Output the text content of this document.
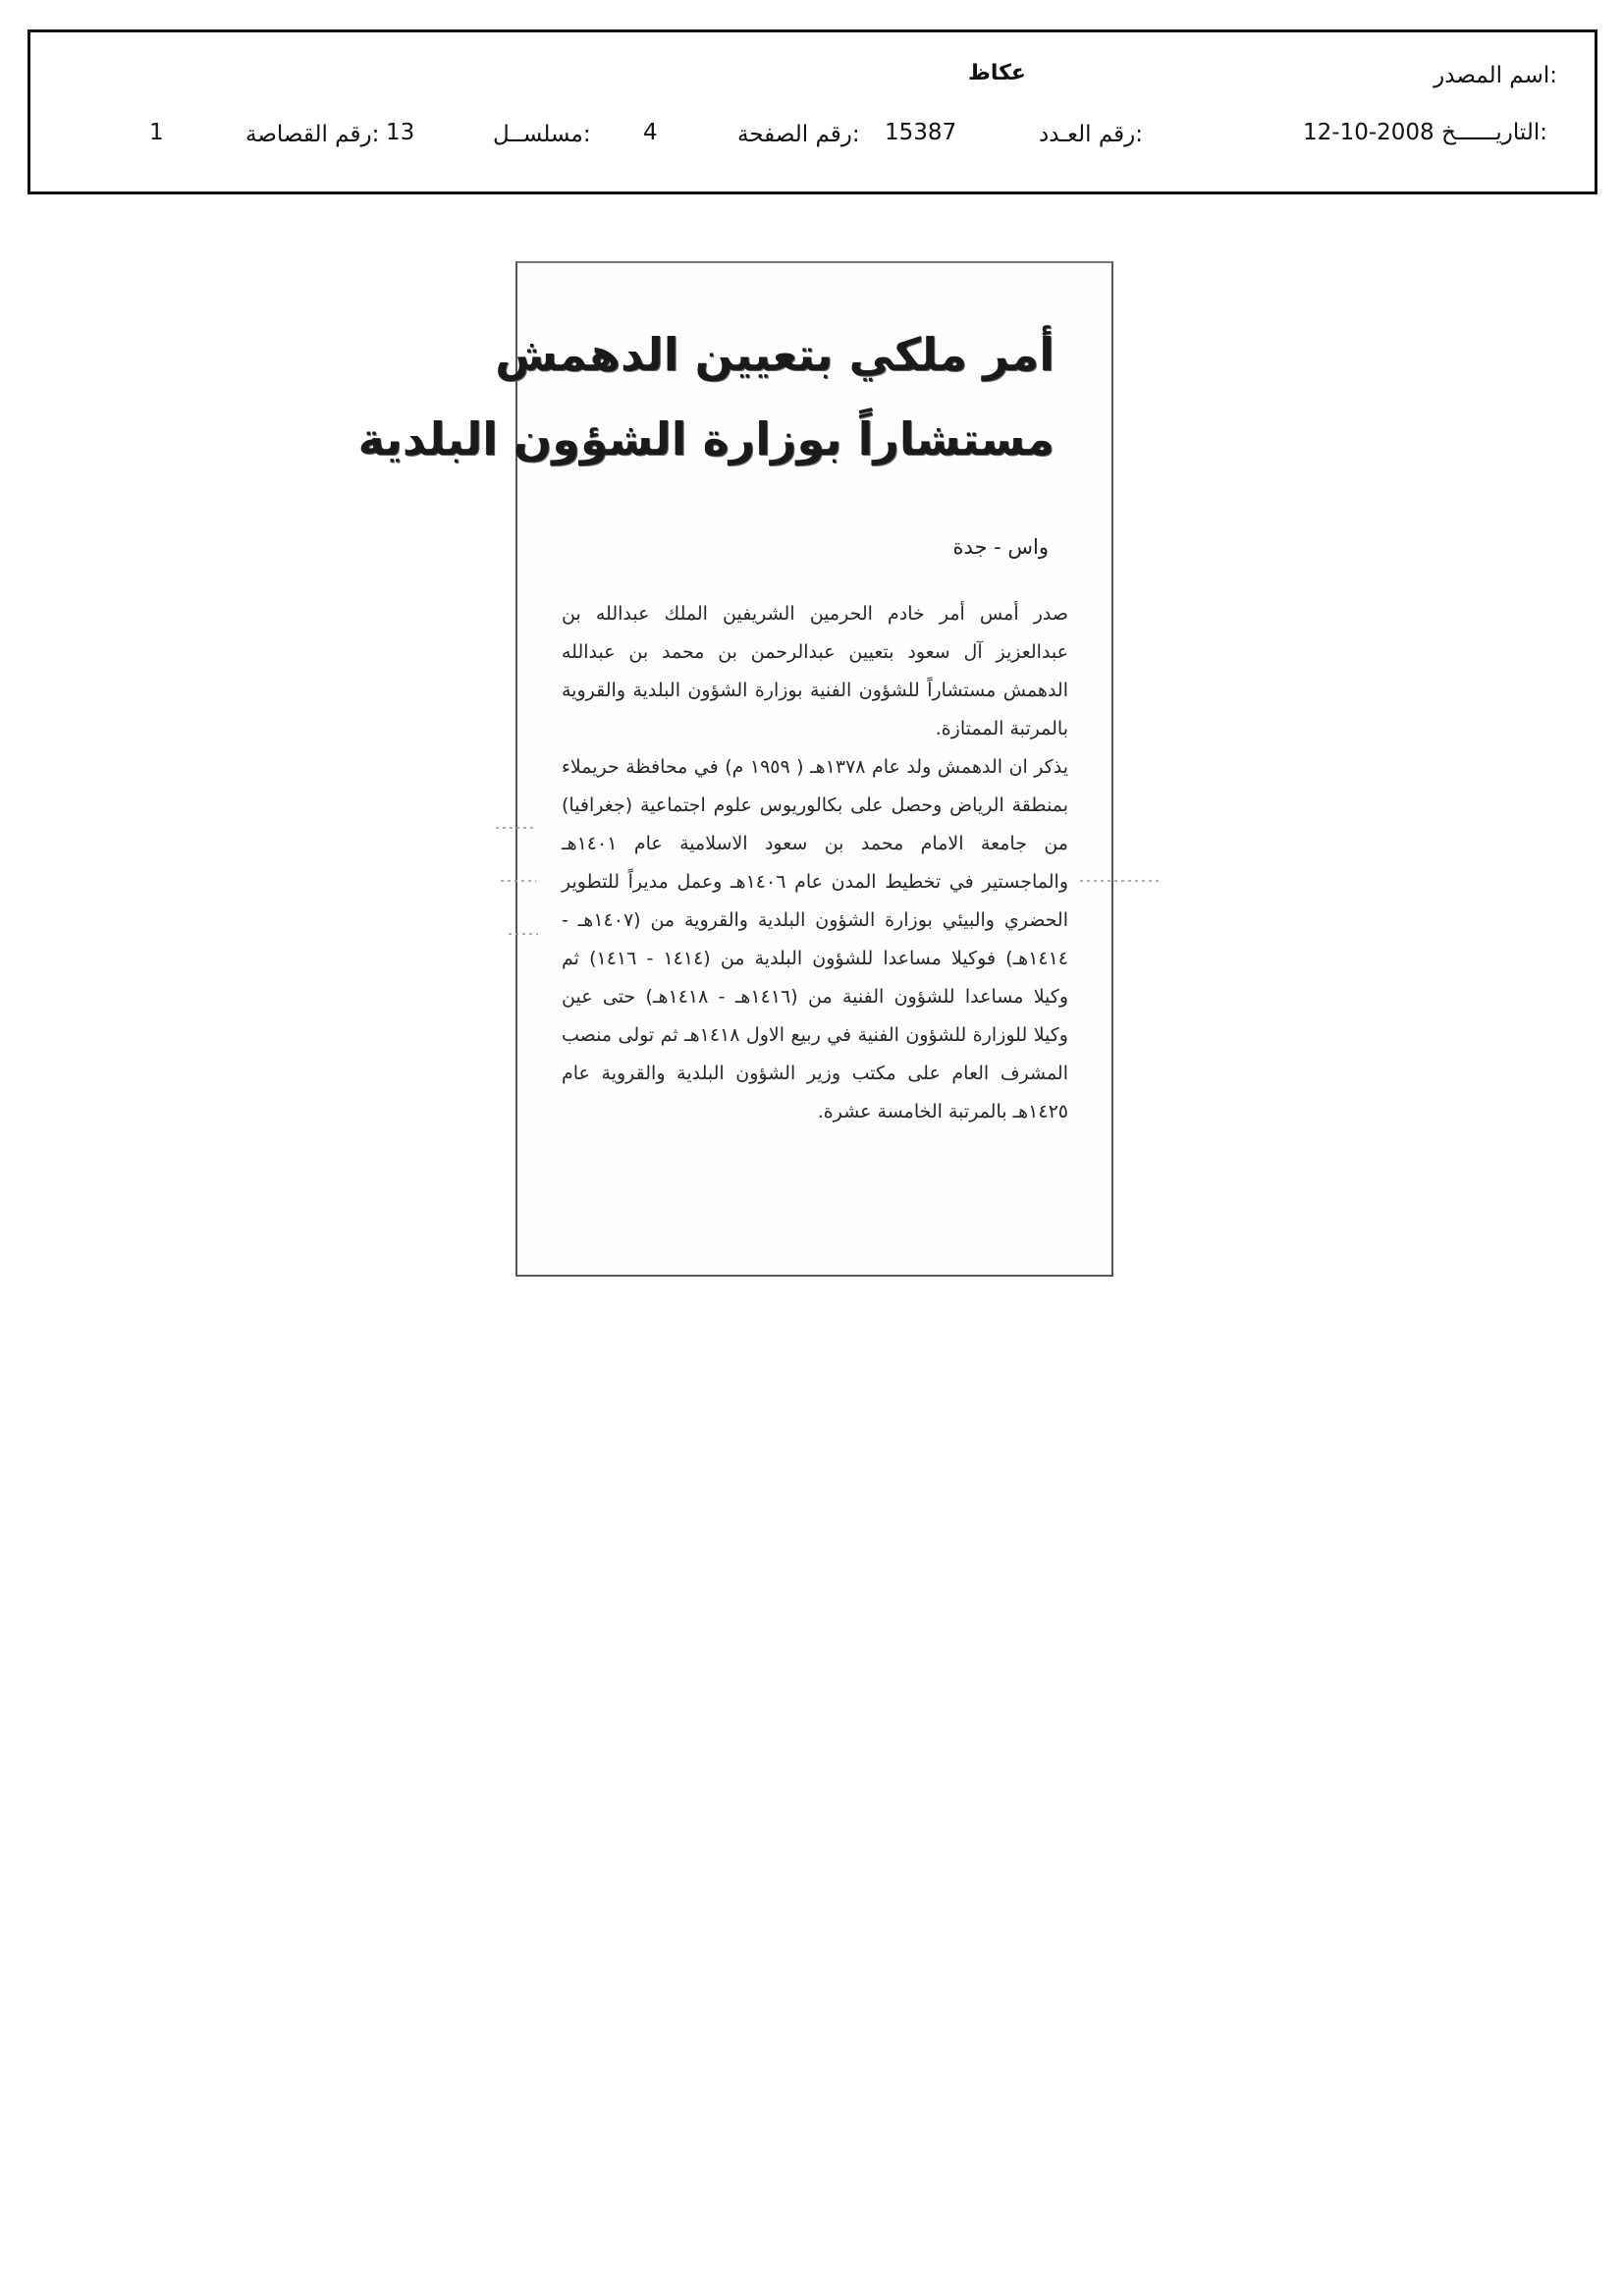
اسم المصدر:
عكاظ
التاريــــــخ:
12-10-2008
رقم العـدد:
15387
رقم الصفحة:
4
مسلســل:
13
رقم القصاصة:
1
أمر ملكي بتعيين الدهمش
مستشاراً بوزارة الشؤون البلدية
واس - جدة

صدر أمس أمر خادم الحرمين الشريفين الملك عبدالله بن عبدالعزيز آل سعود بتعيين عبدالرحمن بن محمد بن عبدالله الدهمش مستشاراً للشؤون الفنية بوزارة الشؤون البلدية والقروية بالمرتبة الممتازة.

يذكر ان الدهمش ولد عام ١٣٧٨هـ ( ١٩٥٩ م) في محافظة حريملاء بمنطقة الرياض وحصل على بكالوريوس علوم اجتماعية (جغرافيا) من جامعة الامام محمد بن سعود الاسلامية عام ١٤٠١هـ والماجستير في تخطيط المدن عام ١٤٠٦هـ وعمل مديراً للتطوير الحضري والبيئي بوزارة الشؤون البلدية والقروية من (١٤٠٧هـ - ١٤١٤هـ) فوكيلا مساعدا للشؤون البلدية من (١٤١٤ - ١٤١٦) ثم وكيلا مساعدا للشؤون الفنية من (١٤١٦هـ - ١٤١٨هـ) حتى عين وكيلا للوزارة للشؤون الفنية في ربيع الاول ١٤١٨هـ ثم تولى منصب المشرف العام على مكتب وزير الشؤون البلدية والقروية عام ١٤٢٥هـ بالمرتبة الخامسة عشرة.
